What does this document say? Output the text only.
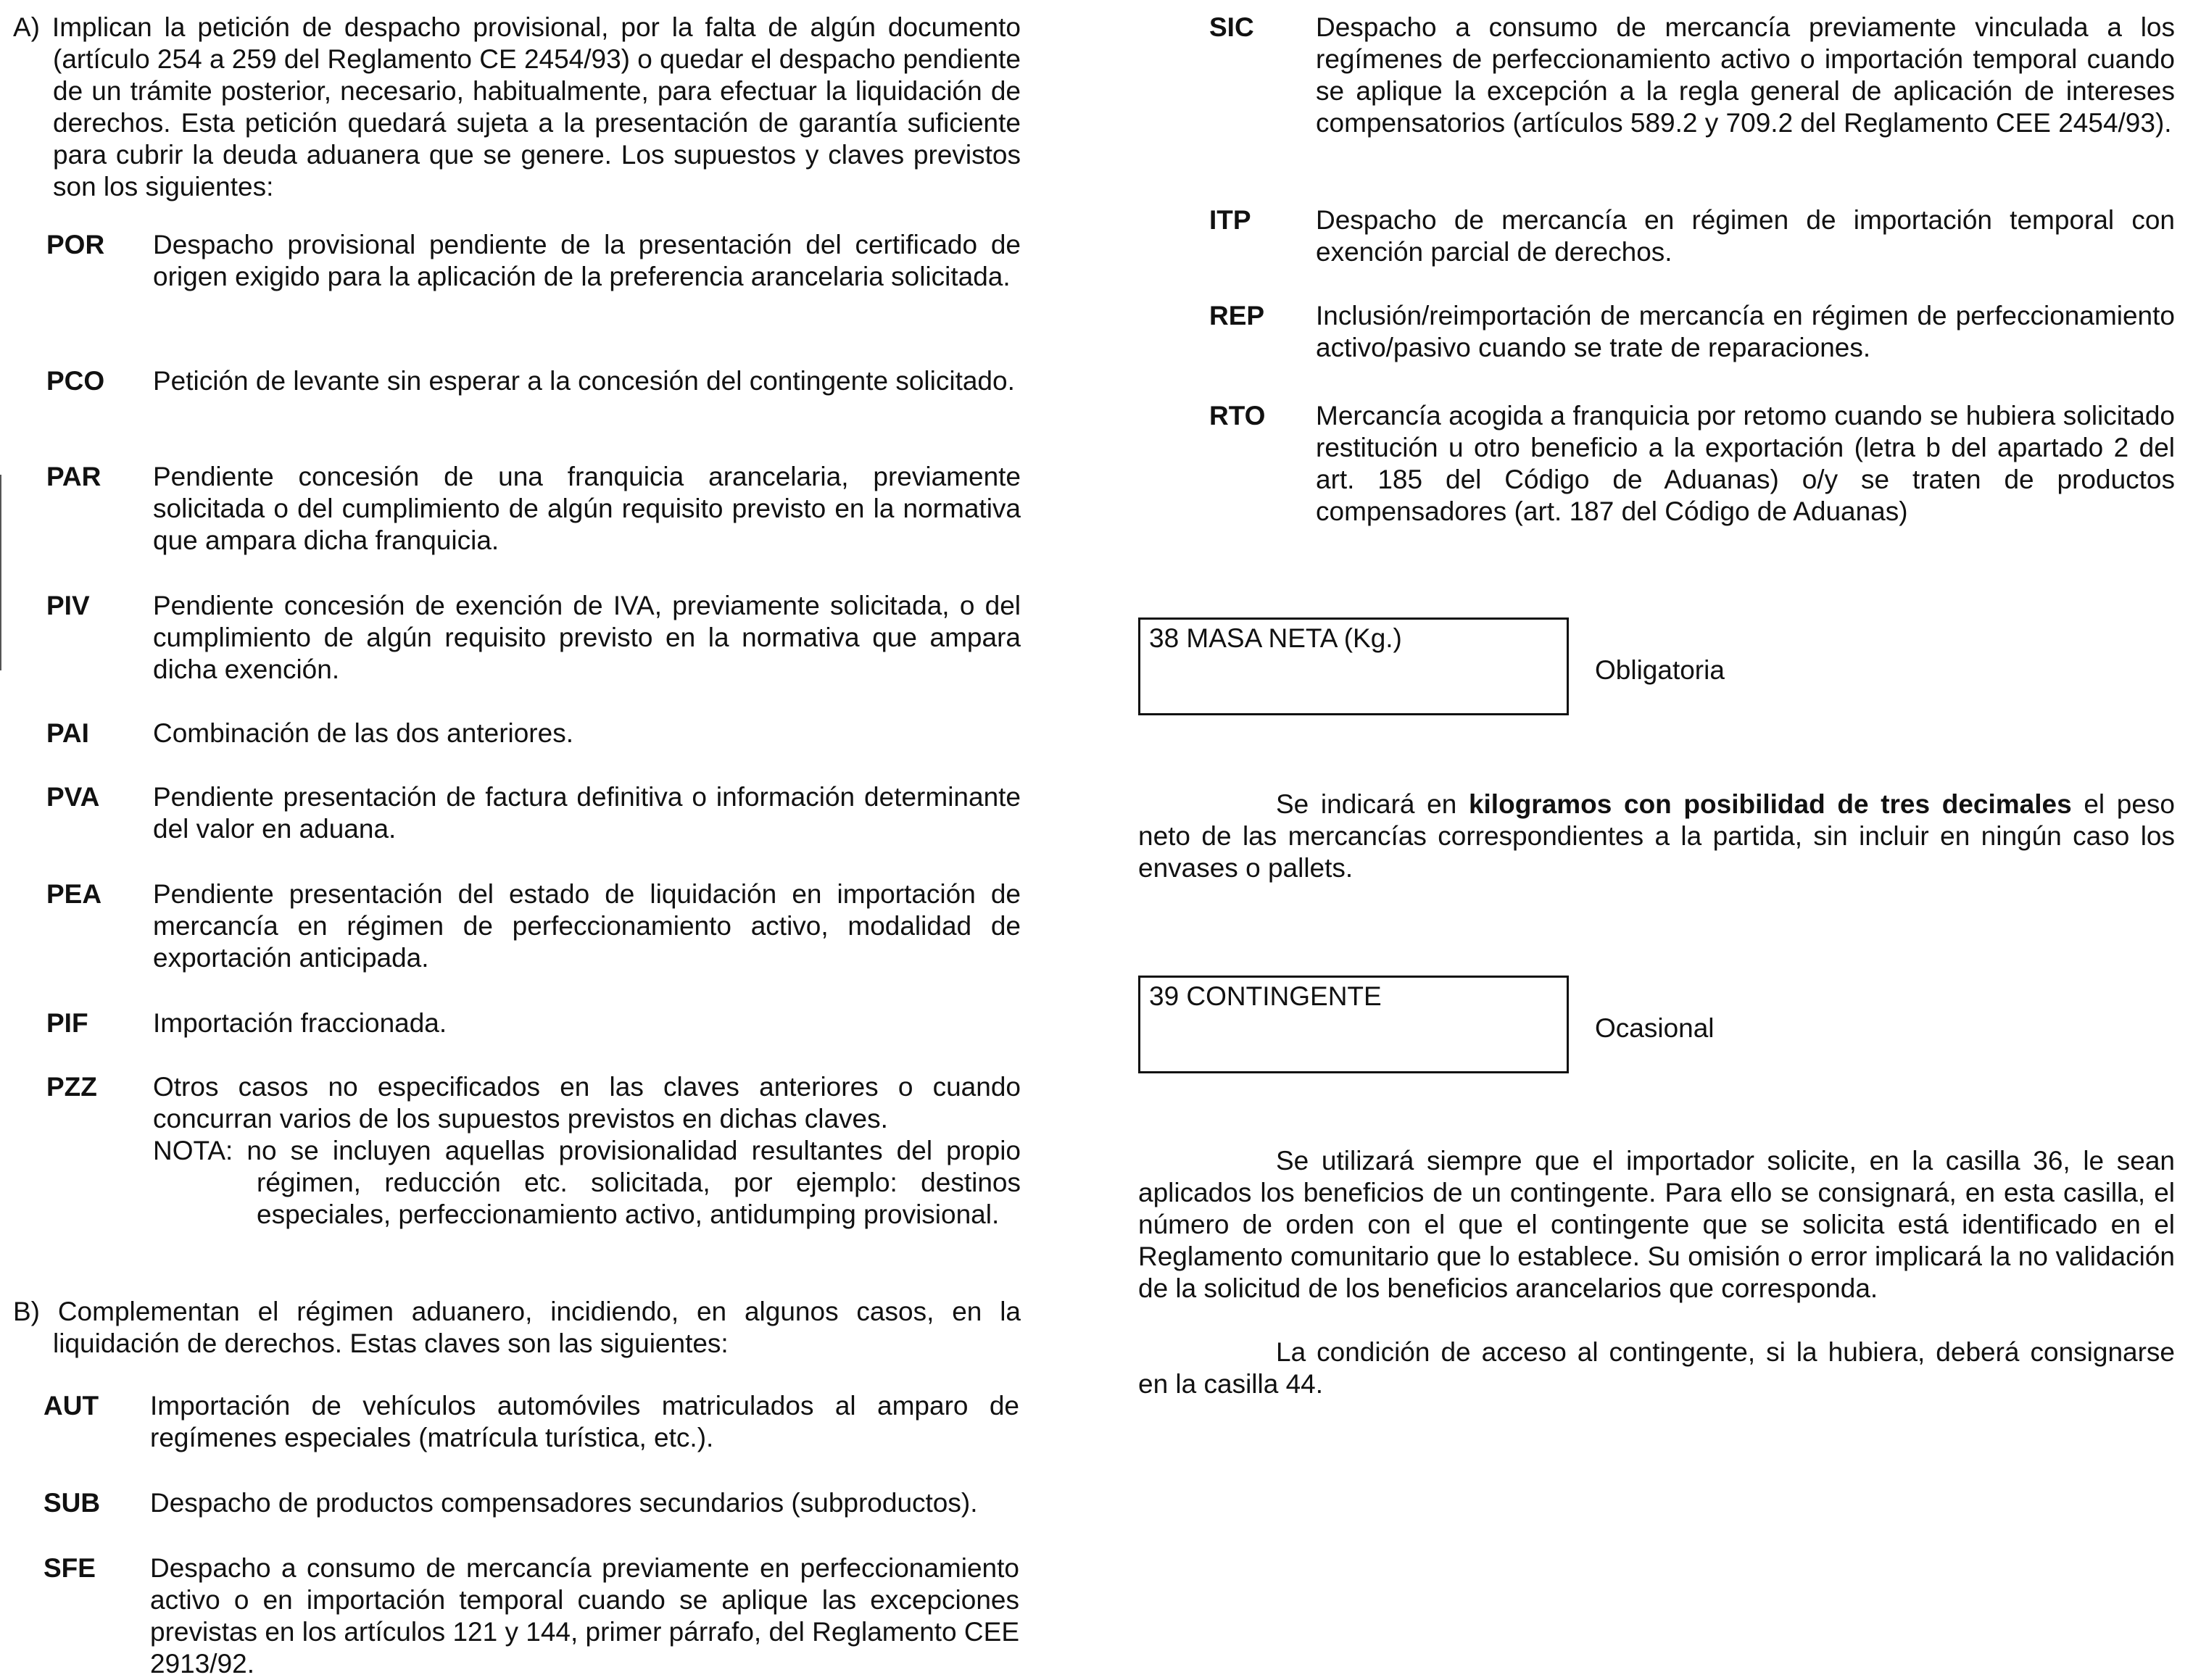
A) Implican la petición de despacho provisional, por la falta de algún documento (artículo 254 a 259 del Reglamento CE 2454/93) o quedar el despacho pendiente de un trámite posterior, necesario, habitualmente, para efectuar la liquidación de derechos. Esta petición quedará sujeta a la presentación de garantía suficiente para cubrir la deuda aduanera que se genere. Los supuestos y claves previstos son los siguientes:

POR Despacho provisional pendiente de la presentación del certificado de origen exigido para la aplicación de la preferencia arancelaria solicitada.
PCO Petición de levante sin esperar a la concesión del contingente solicitado.
PAR Pendiente concesión de una franquicia arancelaria, previamente solicitada o del cumplimiento de algún requisito previsto en la normativa que ampara dicha franquicia.
PIV Pendiente concesión de exención de IVA, previamente solicitada, o del cumplimiento de algún requisito previsto en la normativa que ampara dicha exención.
PAI Combinación de las dos anteriores.
PVA Pendiente presentación de factura definitiva o información determinante del valor en aduana.
PEA Pendiente presentación del estado de liquidación en importación de mercancía en régimen de perfeccionamiento activo, modalidad de exportación anticipada.
PIF Importación fraccionada.
PZZ Otros casos no especificados en las claves anteriores o cuando concurran varios de los supuestos previstos en dichas claves.
NOTA: no se incluyen aquellas provisionalidad resultantes del propio régimen, reducción etc. solicitada, por ejemplo: destinos especiales, perfeccionamiento activo, antidumping provisional.

B) Complementan el régimen aduanero, incidiendo, en algunos casos, en la liquidación de derechos. Estas claves son las siguientes:

AUT Importación de vehículos automóviles matriculados al amparo de regímenes especiales (matrícula turística, etc.).
SUB Despacho de productos compensadores secundarios (subproductos).
SFE Despacho a consumo de mercancía previamente en perfeccionamiento activo o en importación temporal cuando se aplique las excepciones previstas en los artículos 121 y 144, primer párrafo, del Reglamento CEE 2913/92.
SIC Despacho a consumo de mercancía previamente vinculada a los regímenes de perfeccionamiento activo o importación temporal cuando se aplique la excepción a la regla general de aplicación de intereses compensatorios (artículos 589.2 y 709.2 del Reglamento CEE 2454/93).
ITP Despacho de mercancía en régimen de importación temporal con exención parcial de derechos.
REP Inclusión/reimportación de mercancía en régimen de perfeccionamiento activo/pasivo cuando se trate de reparaciones.
RTO Mercancía acogida a franquicia por retomo cuando se hubiera solicitado restitución u otro beneficio a la exportación (letra b del apartado 2 del art. 185 del Código de Aduanas) o/y se traten de productos compensadores (art. 187 del Código de Aduanas)
38 MASA NETA (Kg.)
Obligatoria
Se indicará en kilogramos con posibilidad de tres decimales el peso neto de las mercancías correspondientes a la partida, sin incluir en ningún caso los envases o pallets.
39 CONTINGENTE
Ocasional
Se utilizará siempre que el importador solicite, en la casilla 36, le sean aplicados los beneficios de un contingente. Para ello se consignará, en esta casilla, el número de orden con el que el contingente que se solicita está identificado en el Reglamento comunitario que lo establece. Su omisión o error implicará la no validación de la solicitud de los beneficios arancelarios que corresponda.
La condición de acceso al contingente, si la hubiera, deberá consignarse en la casilla 44.
